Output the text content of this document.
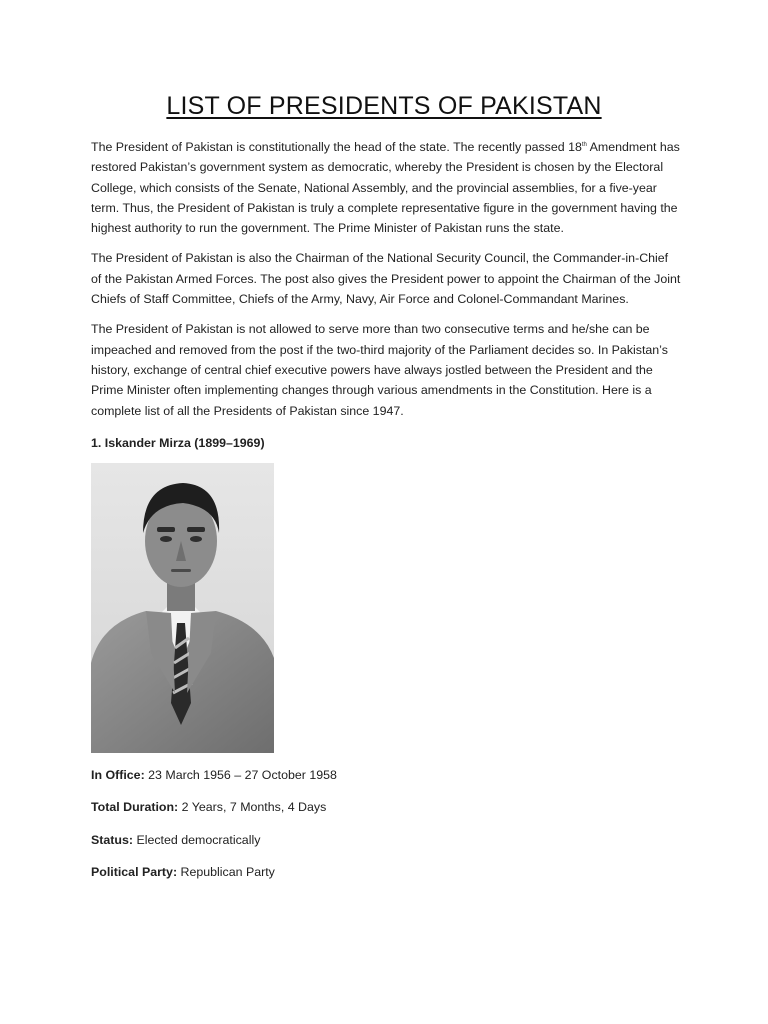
LIST OF PRESIDENTS OF PAKISTAN

The President of Pakistan is constitutionally the head of the state. The recently passed 18th Amendment has restored Pakistan’s government system as democratic, whereby the President is chosen by the Electoral College, which consists of the Senate, National Assembly, and the provincial assemblies, for a five-year term. Thus, the President of Pakistan is truly a complete representative figure in the government having the highest authority to run the government. The Prime Minister of Pakistan runs the state.

The President of Pakistan is also the Chairman of the National Security Council, the Commander-in-Chief of the Pakistan Armed Forces. The post also gives the President power to appoint the Chairman of the Joint Chiefs of Staff Committee, Chiefs of the Army, Navy, Air Force and Colonel-Commandant Marines.

The President of Pakistan is not allowed to serve more than two consecutive terms and he/she can be impeached and removed from the post if the two-third majority of the Parliament decides so. In Pakistan’s history, exchange of central chief executive powers have always jostled between the President and the Prime Minister often implementing changes through various amendments in the Constitution. Here is a complete list of all the Presidents of Pakistan since 1947.

1. Iskander Mirza (1899–1969)

In Office: 23 March 1956 – 27 October 1958

Total Duration: 2 Years, 7 Months, 4 Days

Status: Elected democratically

Political Party: Republican Party
